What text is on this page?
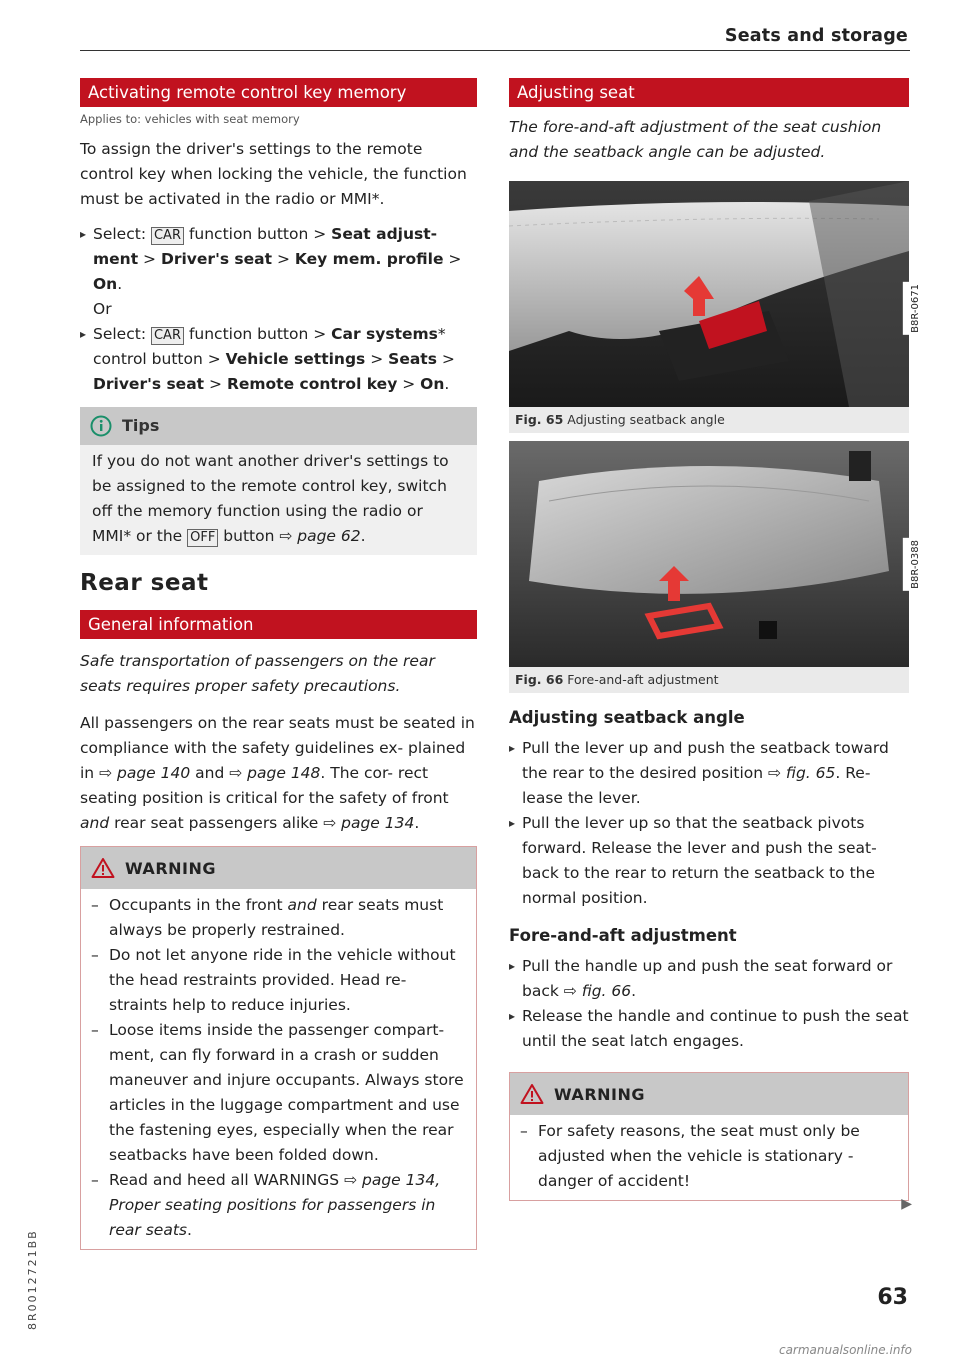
Seats and storage
Activating remote control key memory
Applies to: vehicles with seat memory

To assign the driver's settings to the remote control key when locking the vehicle, the function must be activated in the radio or MMI*.

▸ Select: CAR function button > Seat adjust- ment > Driver's seat > Key mem. profile > On.
Or
▸ Select: CAR function button > Car systems* control button > Vehicle settings > Seats > Driver's seat > Remote control key > On.
Tips
If you do not want another driver's settings to be assigned to the remote control key, switch off the memory function using the radio or MMI* or the OFF button ⇨ page 62.
Rear seat
General information

Safe transportation of passengers on the rear seats requires proper safety precautions.

All passengers on the rear seats must be seated in compliance with the safety guidelines ex- plained in ⇨ page 140 and ⇨ page 148. The cor- rect seating position is critical for the safety of front and rear seat passengers alike ⇨ page 134.

WARNING
– Occupants in the front and rear seats must always be properly restrained.
– Do not let anyone ride in the vehicle without the head restraints provided. Head re- straints help to reduce injuries.
– Loose items inside the passenger compart- ment, can fly forward in a crash or sudden maneuver and injure occupants. Always store articles in the luggage compartment and use the fastening eyes, especially when the rear seatbacks have been folded down.
– Read and heed all WARNINGS ⇨ page 134, Proper seating positions for passengers in rear seats.
Adjusting seat

The fore-and-aft adjustment of the seat cushion and the seatback angle can be adjusted.

Fig. 65 Adjusting seatback angle
B8R-0671
Fig. 66 Fore-and-aft adjustment
B8R-0388
Adjusting seatback angle
▸ Pull the lever up and push the seatback toward the rear to the desired position ⇨ fig. 65. Re- lease the lever.
▸ Pull the lever up so that the seatback pivots forward. Release the lever and push the seat- back to the rear to return the seatback to the normal position.
Fore-and-aft adjustment
▸ Pull the handle up and push the seat forward or back ⇨ fig. 66.
▸ Release the handle and continue to push the seat until the seat latch engages.
WARNING
– For safety reasons, the seat must only be adjusted when the vehicle is stationary - danger of accident!
▶
8R0012721BB	63
carmanualsonline.info
